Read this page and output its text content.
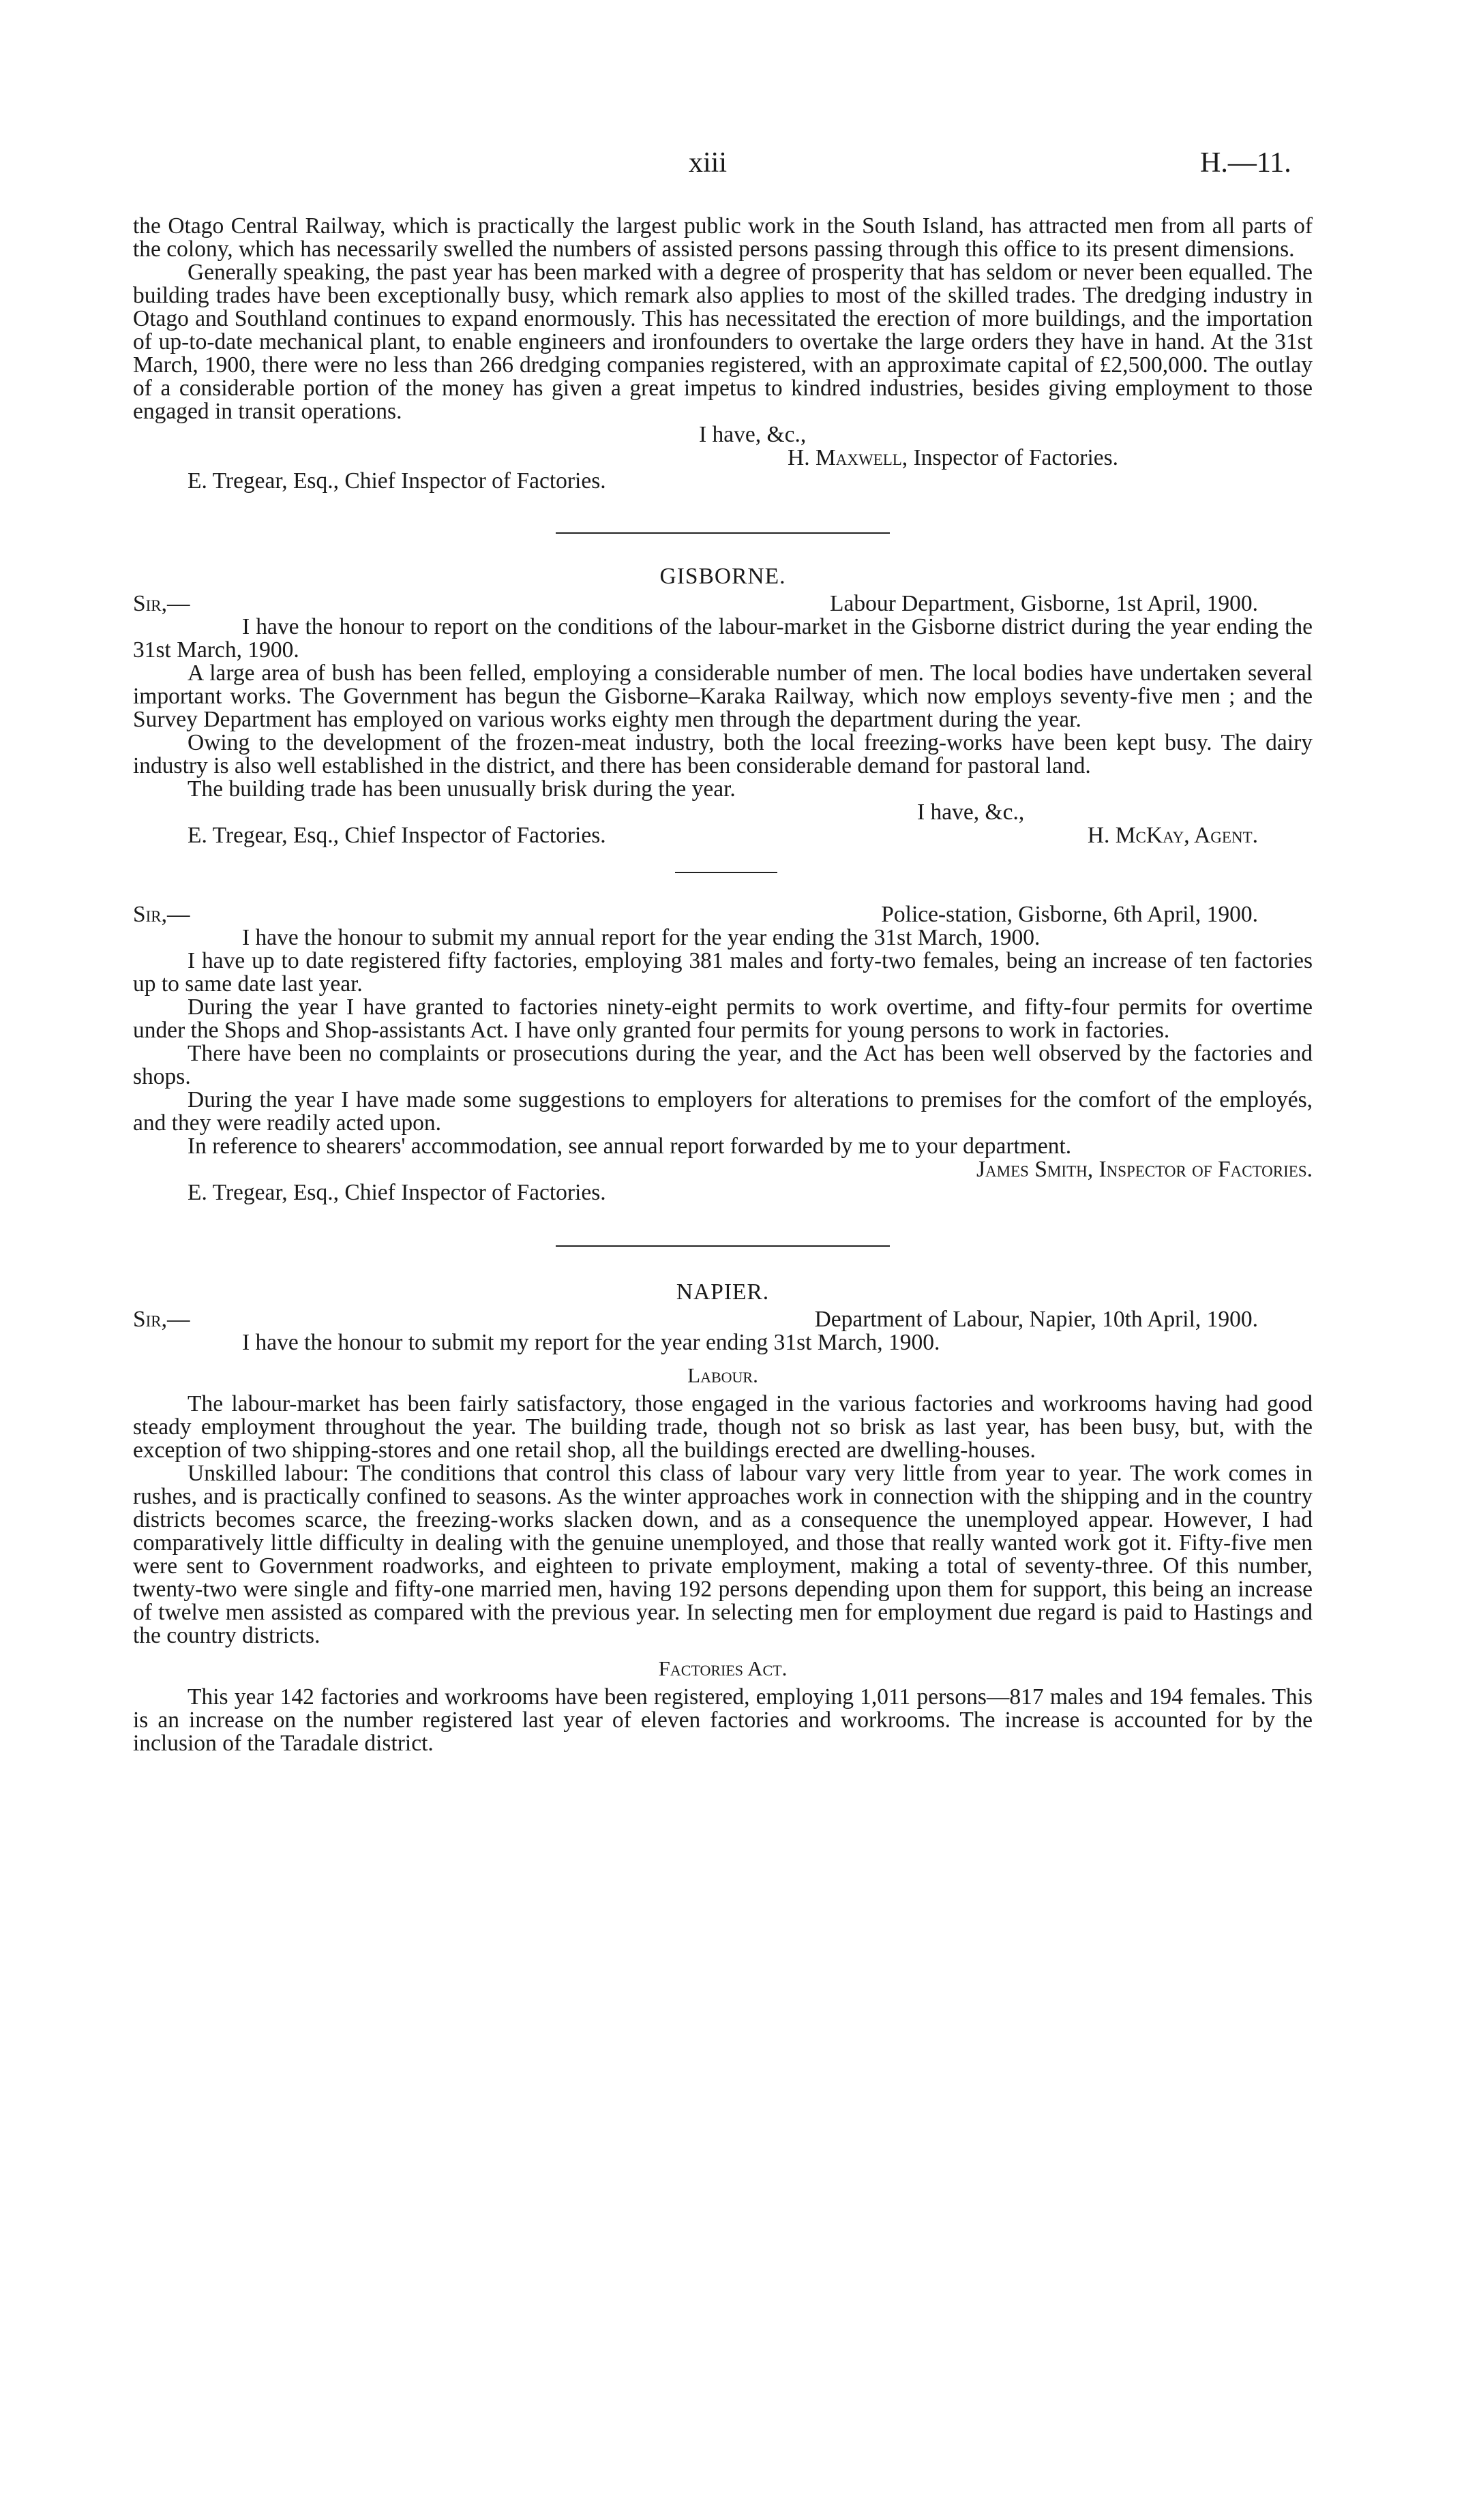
xiii	H.—11.

the Otago Central Railway, which is practically the largest public work in the South Island, has attracted men from all parts of the colony, which has necessarily swelled the numbers of assisted persons passing through this office to its present dimensions.

Generally speaking, the past year has been marked with a degree of prosperity that has seldom or never been equalled. The building trades have been exceptionally busy, which remark also applies to most of the skilled trades. The dredging industry in Otago and Southland continues to expand enormously. This has necessitated the erection of more buildings, and the importation of up-to-date mechanical plant, to enable engineers and ironfounders to overtake the large orders they have in hand. At the 31st March, 1900, there were no less than 266 dredging companies registered, with an approximate capital of £2,500,000. The outlay of a considerable portion of the money has given a great impetus to kindred industries, besides giving employment to those engaged in transit operations.

I have, &c.,

H. Maxwell, Inspector of Factories.

E. Tregear, Esq., Chief Inspector of Factories.

GISBORNE.

Sir,—	Labour Department, Gisborne, 1st April, 1900.

I have the honour to report on the conditions of the labour-market in the Gisborne district during the year ending the 31st March, 1900.

A large area of bush has been felled, employing a considerable number of men. The local bodies have undertaken several important works. The Government has begun the Gisborne–Karaka Railway, which now employs seventy-five men ; and the Survey Department has employed on various works eighty men through the department during the year.

Owing to the development of the frozen-meat industry, both the local freezing-works have been kept busy. The dairy industry is also well established in the district, and there has been considerable demand for pastoral land.

The building trade has been unusually brisk during the year.

I have, &c.,

E. Tregear, Esq., Chief Inspector of Factories.	H. McKay, Agent.
Sir,—	Police-station, Gisborne, 6th April, 1900.

I have the honour to submit my annual report for the year ending the 31st March, 1900.

I have up to date registered fifty factories, employing 381 males and forty-two females, being an increase of ten factories up to same date last year.

During the year I have granted to factories ninety-eight permits to work overtime, and fifty-four permits for overtime under the Shops and Shop-assistants Act. I have only granted four permits for young persons to work in factories.

There have been no complaints or prosecutions during the year, and the Act has been well observed by the factories and shops.

During the year I have made some suggestions to employers for alterations to premises for the comfort of the employés, and they were readily acted upon.

In reference to shearers' accommodation, see annual report forwarded by me to your department.

James Smith, Inspector of Factories.

E. Tregear, Esq., Chief Inspector of Factories.

NAPIER.

Sir,—	Department of Labour, Napier, 10th April, 1900.

I have the honour to submit my report for the year ending 31st March, 1900.

Labour.

The labour-market has been fairly satisfactory, those engaged in the various factories and workrooms having had good steady employment throughout the year. The building trade, though not so brisk as last year, has been busy, but, with the exception of two shipping-stores and one retail shop, all the buildings erected are dwelling-houses.

Unskilled labour: The conditions that control this class of labour vary very little from year to year. The work comes in rushes, and is practically confined to seasons. As the winter approaches work in connection with the shipping and in the country districts becomes scarce, the freezing-works slacken down, and as a consequence the unemployed appear. However, I had comparatively little difficulty in dealing with the genuine unemployed, and those that really wanted work got it. Fifty-five men were sent to Government roadworks, and eighteen to private employment, making a total of seventy-three. Of this number, twenty-two were single and fifty-one married men, having 192 persons depending upon them for support, this being an increase of twelve men assisted as compared with the previous year. In selecting men for employment due regard is paid to Hastings and the country districts.

Factories Act.

This year 142 factories and workrooms have been registered, employing 1,011 persons—817 males and 194 females. This is an increase on the number registered last year of eleven factories and workrooms. The increase is accounted for by the inclusion of the Taradale district.
